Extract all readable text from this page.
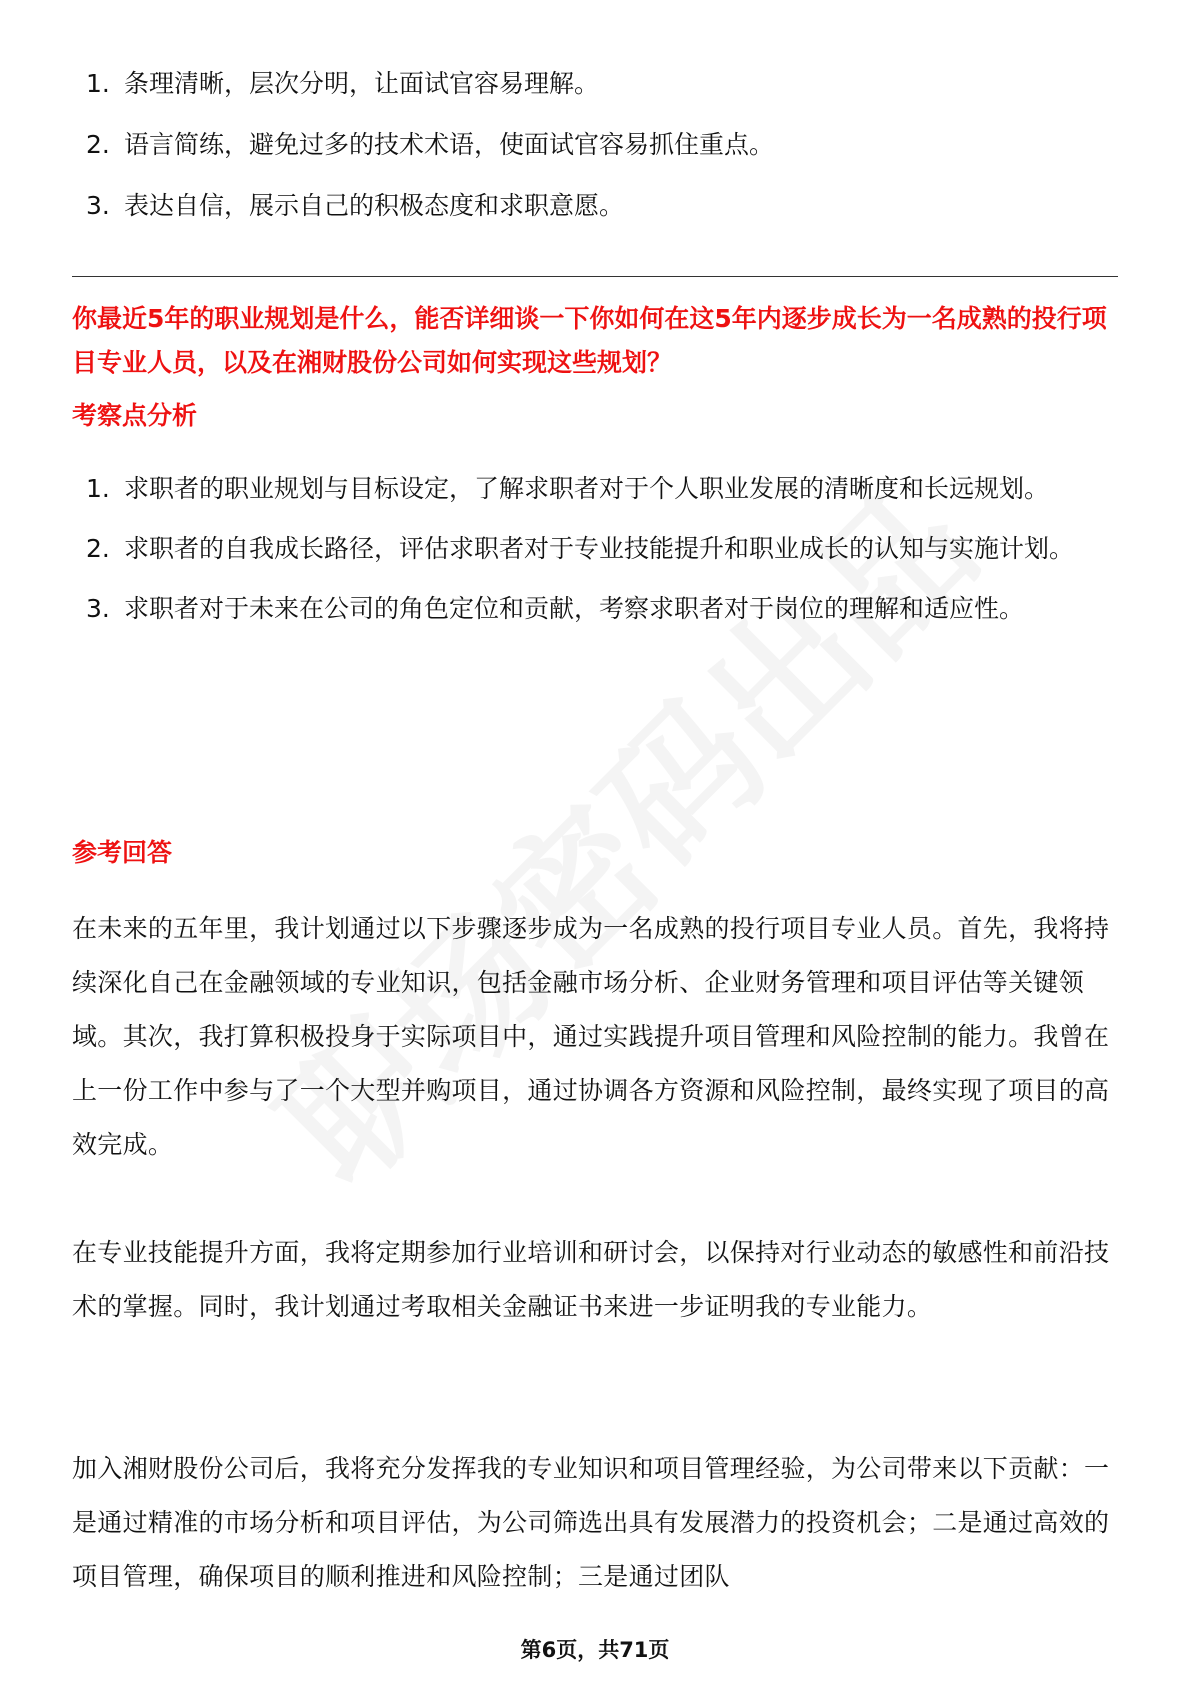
1. 条理清晰，层次分明，让面试官容易理解。
2. 语言简练，避免过多的技术术语，使面试官容易抓住重点。
3. 表达自信，展示自己的积极态度和求职意愿。
你最近5年的职业规划是什么，能否详细谈一下你如何在这5年内逐步成长为一名成熟的投行项目专业人员，以及在湘财股份公司如何实现这些规划？
考察点分析
1. 求职者的职业规划与目标设定，了解求职者对于个人职业发展的清晰度和长远规划。
2. 求职者的自我成长路径，评估求职者对于专业技能提升和职业成长的认知与实施计划。
3. 求职者对于未来在公司的角色定位和贡献，考察求职者对于岗位的理解和适应性。
参考回答

在未来的五年里，我计划通过以下步骤逐步成为一名成熟的投行项目专业人员。首先，我将持续深化自己在金融领域的专业知识，包括金融市场分析、企业财务管理和项目评估等关键领域。其次，我打算积极投身于实际项目中，通过实践提升项目管理和风险控制的能力。我曾在上一份工作中参与了一个大型并购项目，通过协调各方资源和风险控制，最终实现了项目的高效完成。

在专业技能提升方面，我将定期参加行业培训和研讨会，以保持对行业动态的敏感性和前沿技术的掌握。同时，我计划通过考取相关金融证书来进一步证明我的专业能力。

加入湘财股份公司后，我将充分发挥我的专业知识和项目管理经验，为公司带来以下贡献：一是通过精准的市场分析和项目评估，为公司筛选出具有发展潜力的投资机会；二是通过高效的项目管理，确保项目的顺利推进和风险控制；三是通过团队

第6页，共71页
